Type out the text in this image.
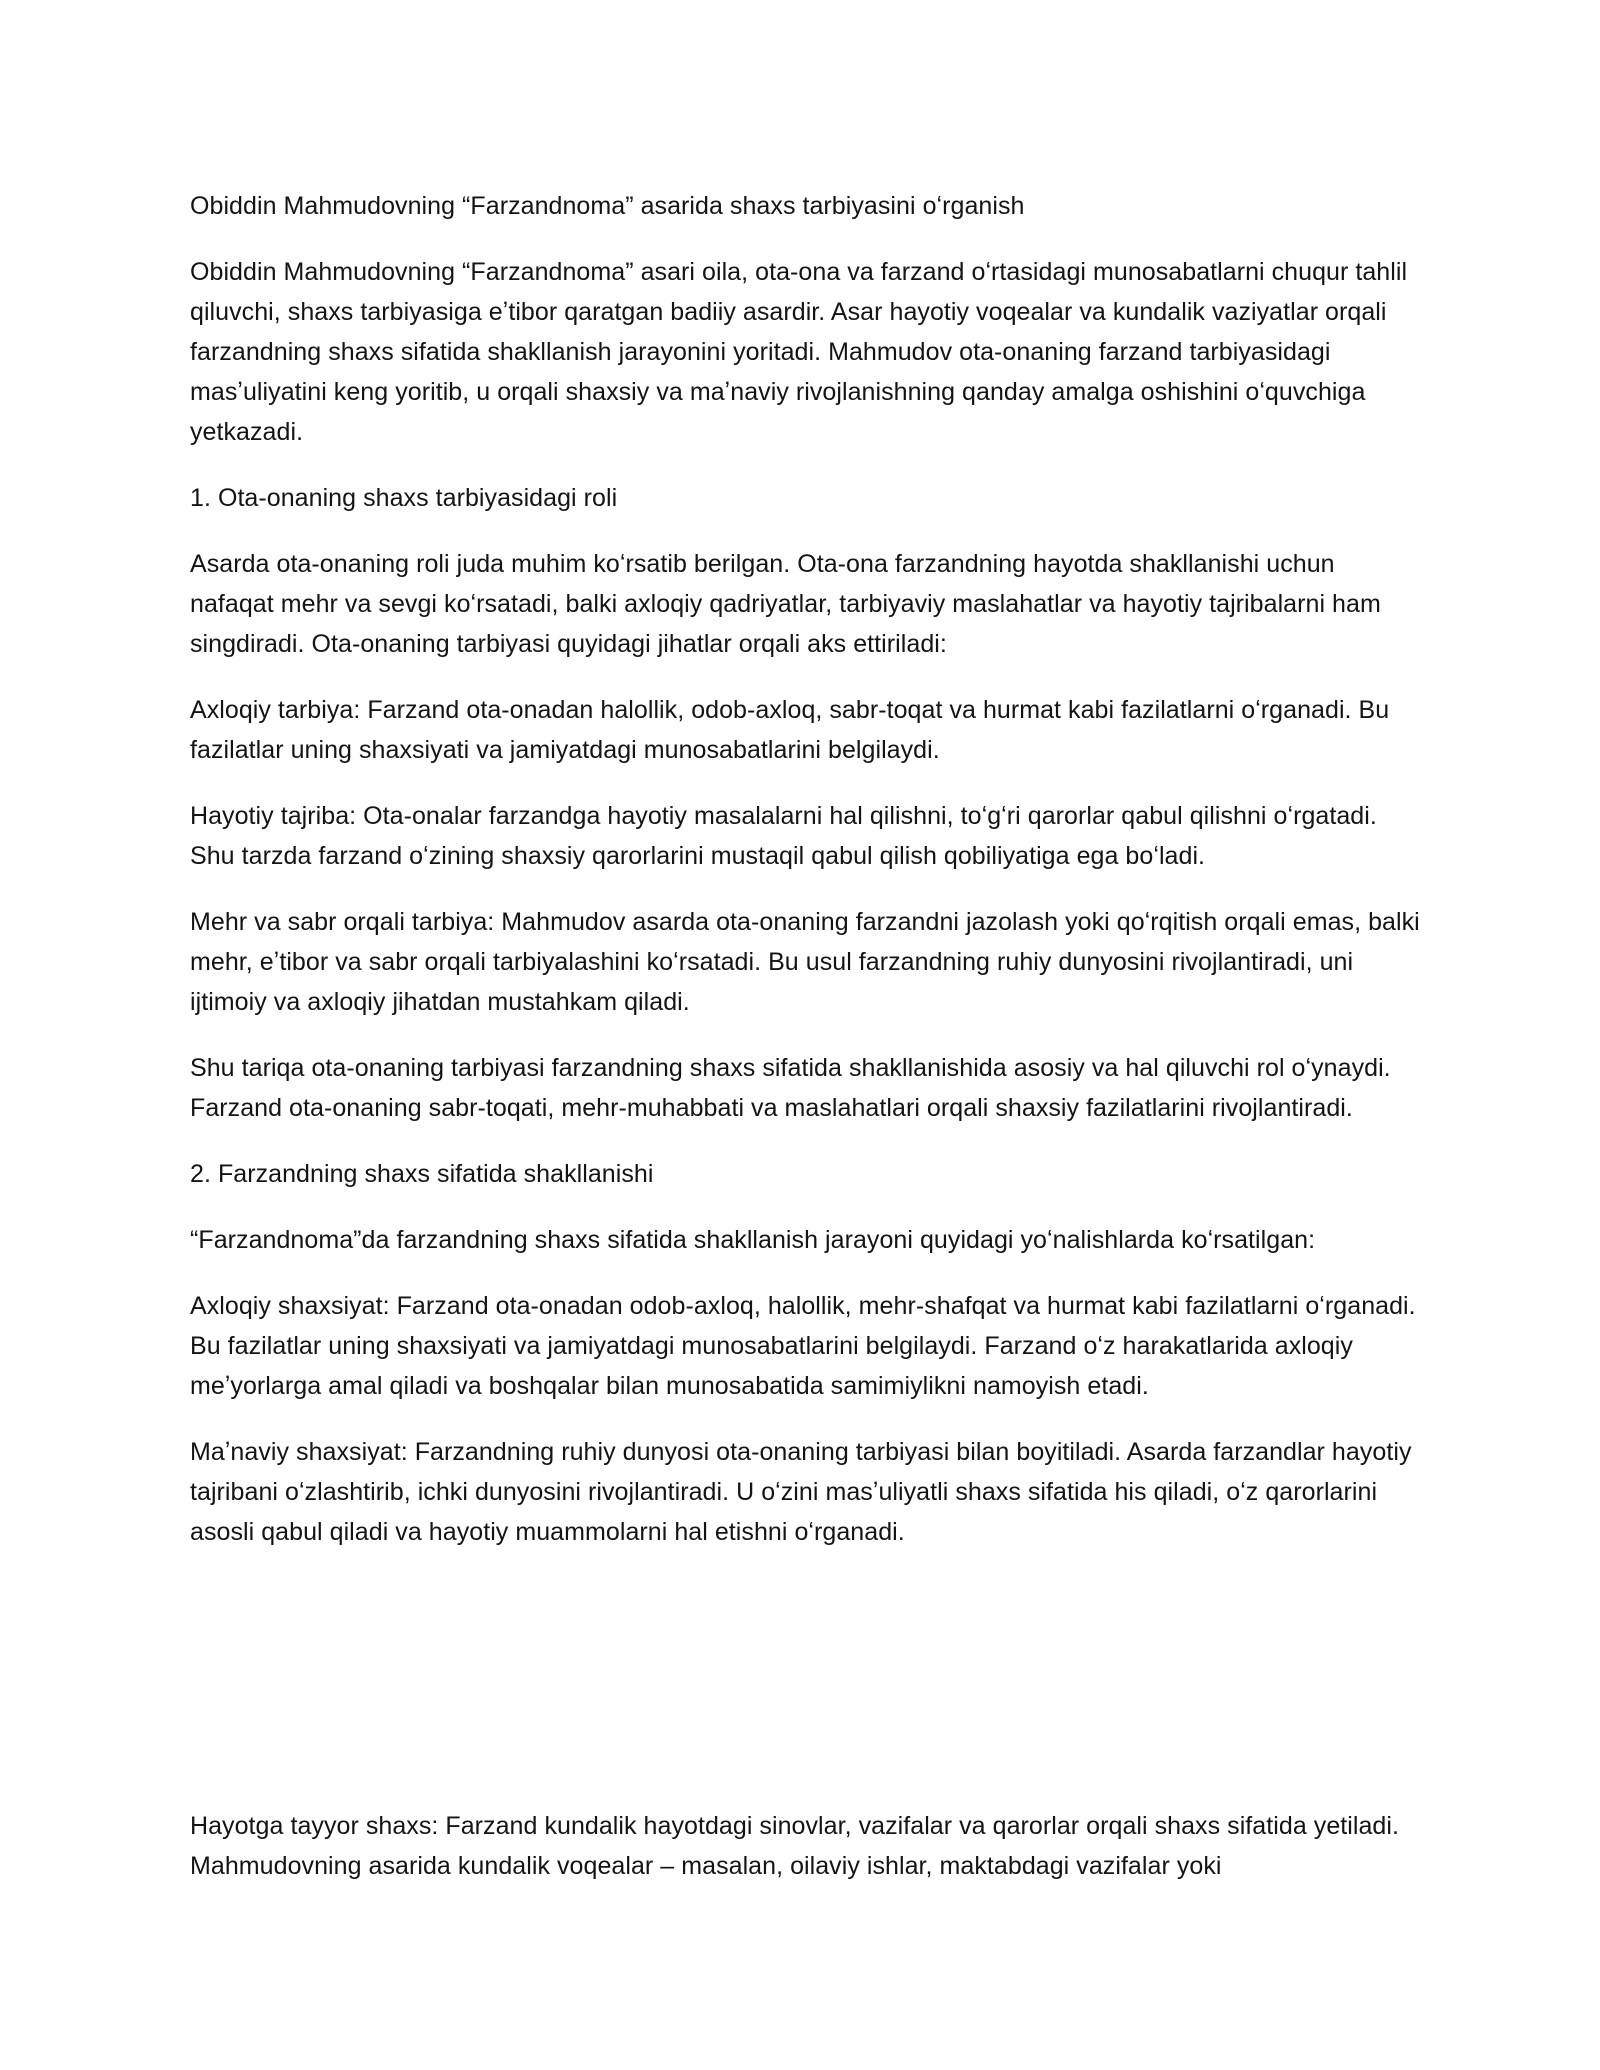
Obiddin Mahmudovning “Farzandnoma” asarida shaxs tarbiyasini oʻrganish

Obiddin Mahmudovning “Farzandnoma” asari oila, ota-ona va farzand oʻrtasidagi munosabatlarni chuqur tahlil qiluvchi, shaxs tarbiyasiga eʼtibor qaratgan badiiy asardir. Asar hayotiy voqealar va kundalik vaziyatlar orqali farzandning shaxs sifatida shakllanish jarayonini yoritadi. Mahmudov ota-onaning farzand tarbiyasidagi masʼuliyatini keng yoritib, u orqali shaxsiy va maʼnaviy rivojlanishning qanday amalga oshishini oʻquvchiga yetkazadi.

1. Ota-onaning shaxs tarbiyasidagi roli

Asarda ota-onaning roli juda muhim koʻrsatib berilgan. Ota-ona farzandning hayotda shakllanishi uchun nafaqat mehr va sevgi koʻrsatadi, balki axloqiy qadriyatlar, tarbiyaviy maslahatlar va hayotiy tajribalarni ham singdiradi. Ota-onaning tarbiyasi quyidagi jihatlar orqali aks ettiriladi:

Axloqiy tarbiya: Farzand ota-onadan halollik, odob-axloq, sabr-toqat va hurmat kabi fazilatlarni oʻrganadi. Bu fazilatlar uning shaxsiyati va jamiyatdagi munosabatlarini belgilaydi.

Hayotiy tajriba: Ota-onalar farzandga hayotiy masalalarni hal qilishni, toʻgʻri qarorlar qabul qilishni oʻrgatadi. Shu tarzda farzand oʻzining shaxsiy qarorlarini mustaqil qabul qilish qobiliyatiga ega boʻladi.

Mehr va sabr orqali tarbiya: Mahmudov asarda ota-onaning farzandni jazolash yoki qoʻrqitish orqali emas, balki mehr, eʼtibor va sabr orqali tarbiyalashini koʻrsatadi. Bu usul farzandning ruhiy dunyosini rivojlantiradi, uni ijtimoiy va axloqiy jihatdan mustahkam qiladi.

Shu tariqa ota-onaning tarbiyasi farzandning shaxs sifatida shakllanishida asosiy va hal qiluvchi rol oʻynaydi. Farzand ota-onaning sabr-toqati, mehr-muhabbati va maslahatlari orqali shaxsiy fazilatlarini rivojlantiradi.

2. Farzandning shaxs sifatida shakllanishi

“Farzandnoma”da farzandning shaxs sifatida shakllanish jarayoni quyidagi yoʻnalishlarda koʻrsatilgan:

Axloqiy shaxsiyat: Farzand ota-onadan odob-axloq, halollik, mehr-shafqat va hurmat kabi fazilatlarni oʻrganadi. Bu fazilatlar uning shaxsiyati va jamiyatdagi munosabatlarini belgilaydi. Farzand oʻz harakatlarida axloqiy meʼyorlarga amal qiladi va boshqalar bilan munosabatida samimiylikni namoyish etadi.

Maʼnaviy shaxsiyat: Farzandning ruhiy dunyosi ota-onaning tarbiyasi bilan boyitiladi. Asarda farzandlar hayotiy tajribani oʻzlashtirib, ichki dunyosini rivojlantiradi. U oʻzini masʼuliyatli shaxs sifatida his qiladi, oʻz qarorlarini asosli qabul qiladi va hayotiy muammolarni hal etishni oʻrganadi.

Hayotga tayyor shaxs: Farzand kundalik hayotdagi sinovlar, vazifalar va qarorlar orqali shaxs sifatida yetiladi. Mahmudovning asarida kundalik voqealar – masalan, oilaviy ishlar, maktabdagi vazifalar yoki
